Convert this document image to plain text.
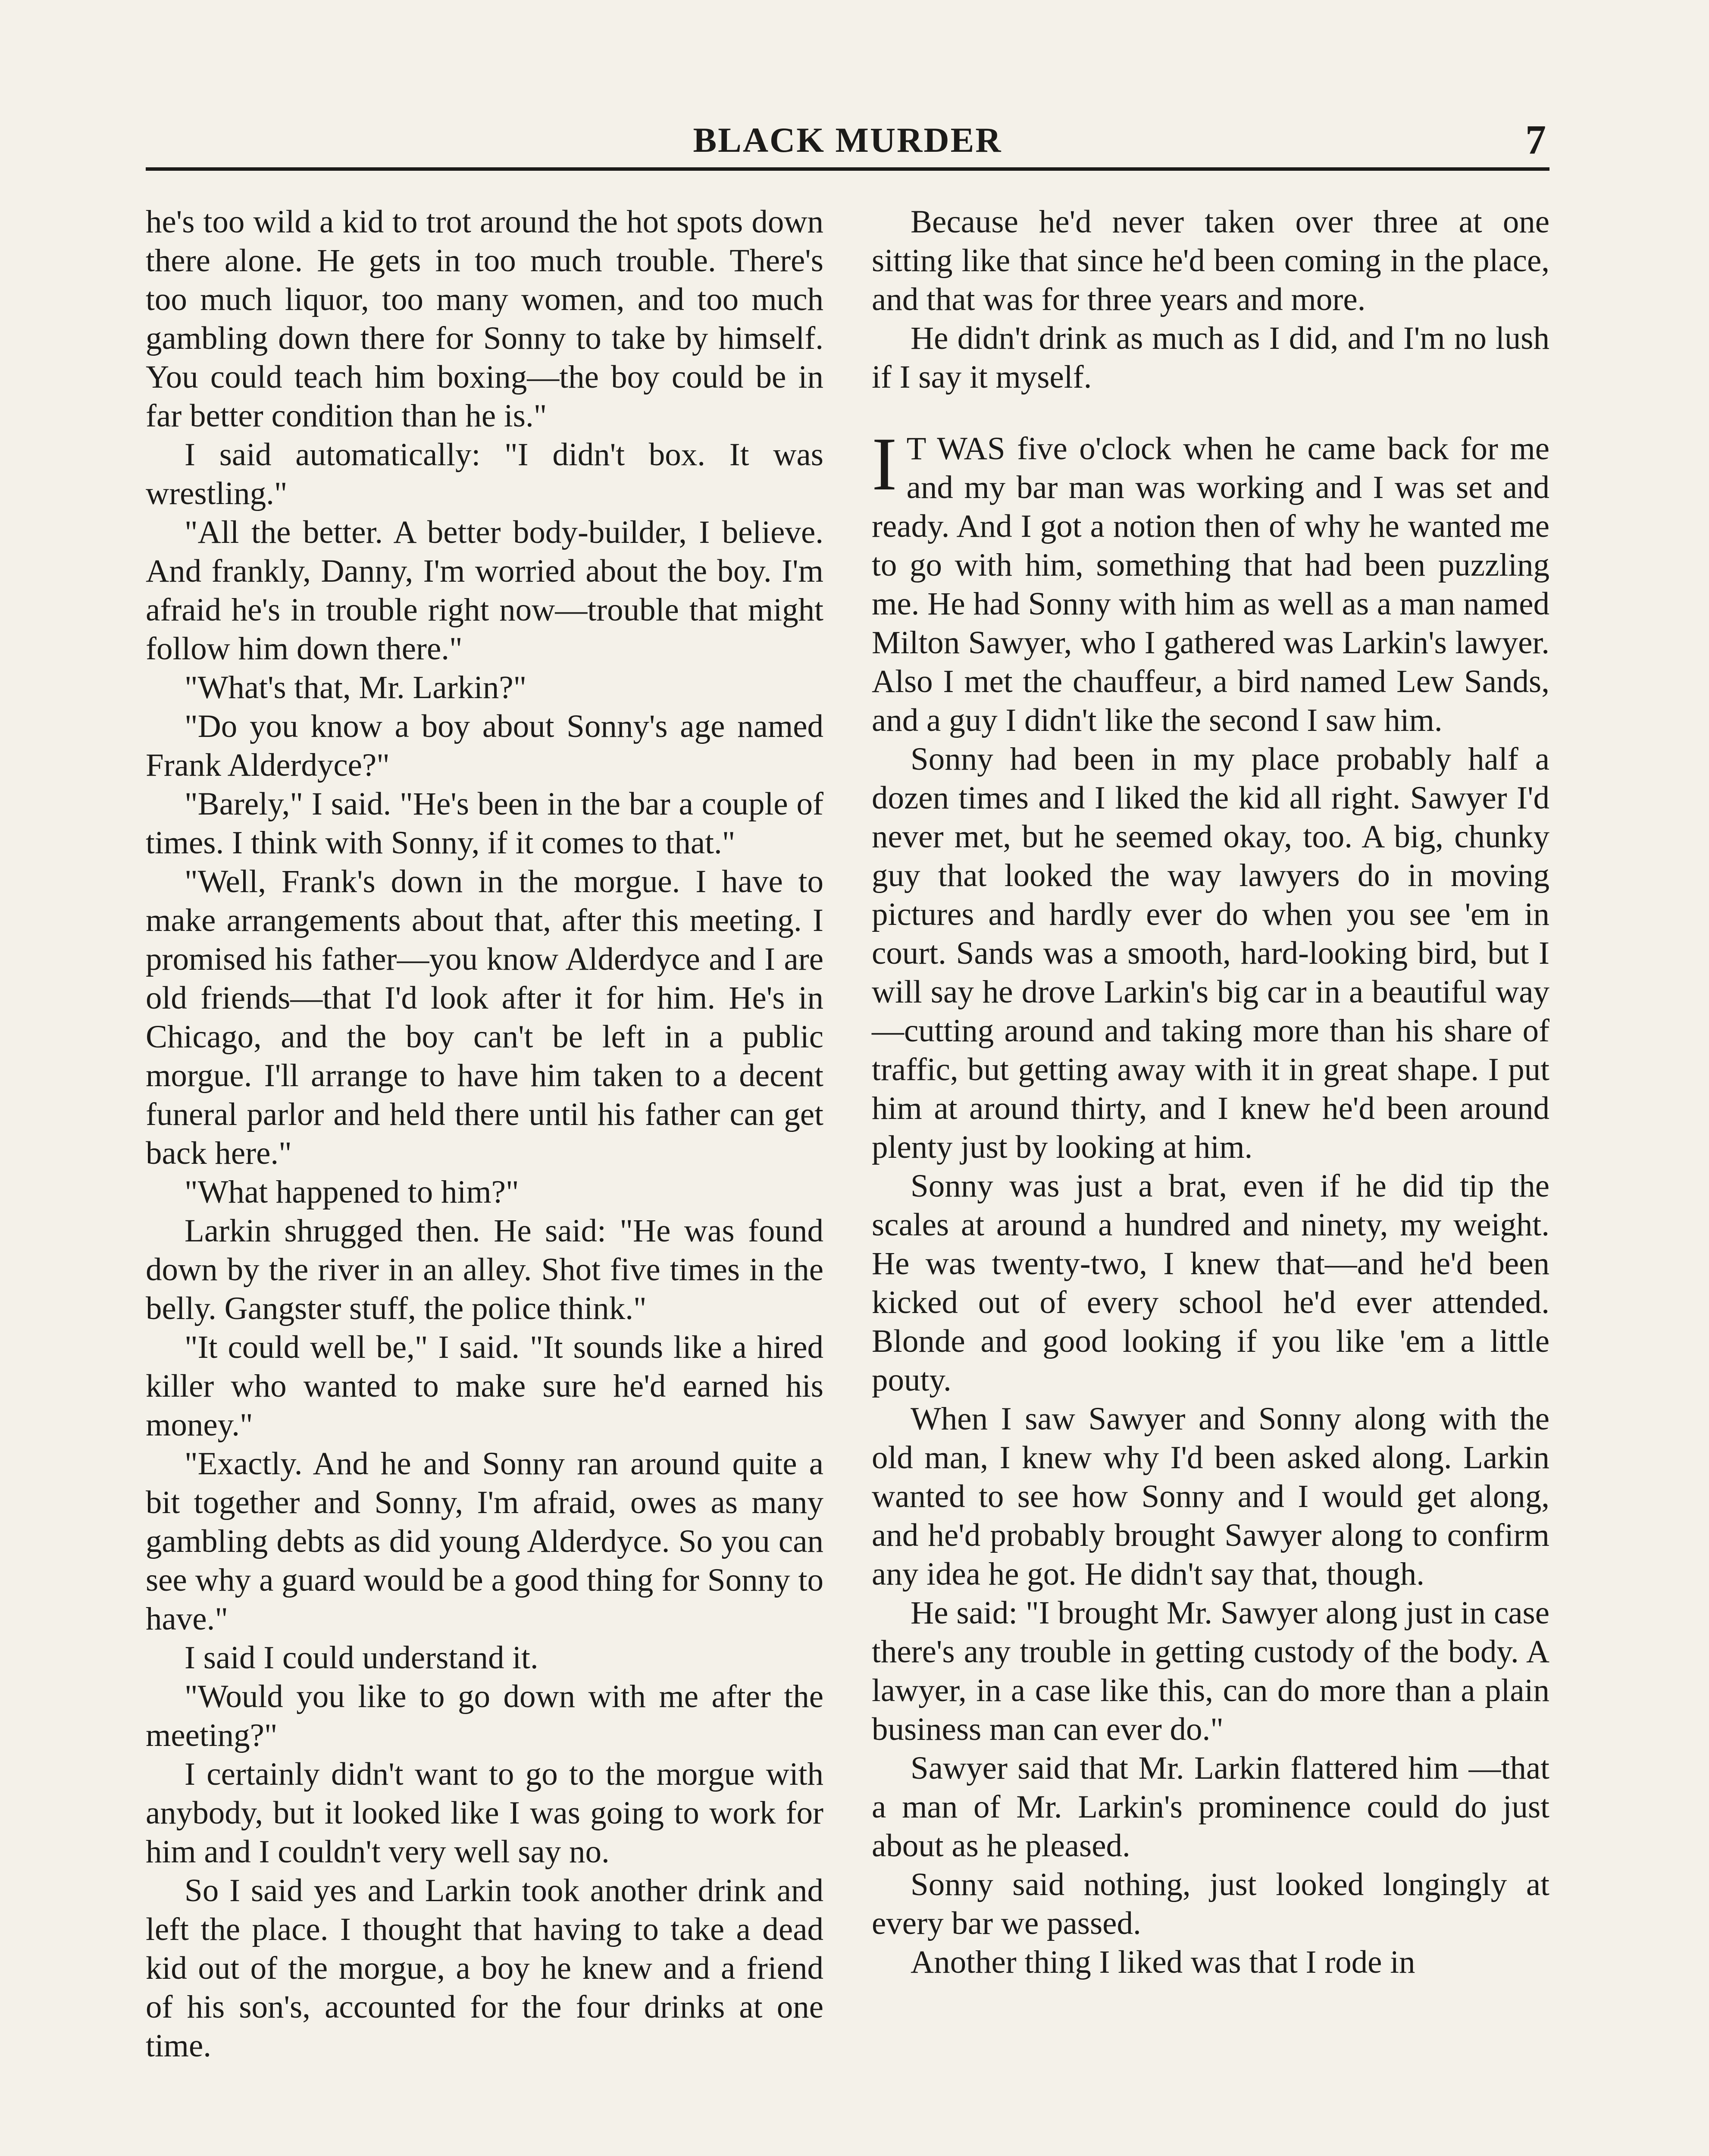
BLACK MURDER	7

he's too wild a kid to trot around the hot spots down there alone. He gets in too much trouble. There's too much liquor, too many women, and too much gambling down there for Sonny to take by himself. You could teach him boxing—the boy could be in far better condition than he is."

I said automatically: "I didn't box. It was wrestling."

"All the better. A better body-builder, I believe. And frankly, Danny, I'm worried about the boy. I'm afraid he's in trouble right now—trouble that might follow him down there."

"What's that, Mr. Larkin?"

"Do you know a boy about Sonny's age named Frank Alderdyce?"

"Barely," I said. "He's been in the bar a couple of times. I think with Sonny, if it comes to that."

"Well, Frank's down in the morgue. I have to make arrangements about that, after this meeting. I promised his father—you know Alderdyce and I are old friends—that I'd look after it for him. He's in Chicago, and the boy can't be left in a public morgue. I'll arrange to have him taken to a decent funeral parlor and held there until his father can get back here."

"What happened to him?"

Larkin shrugged then. He said: "He was found down by the river in an alley. Shot five times in the belly. Gangster stuff, the police think."

"It could well be," I said. "It sounds like a hired killer who wanted to make sure he'd earned his money."

"Exactly. And he and Sonny ran around quite a bit together and Sonny, I'm afraid, owes as many gambling debts as did young Alderdyce. So you can see why a guard would be a good thing for Sonny to have."

I said I could understand it.

"Would you like to go down with me after the meeting?"

I certainly didn't want to go to the morgue with anybody, but it looked like I was going to work for him and I couldn't very well say no.

So I said yes and Larkin took another drink and left the place. I thought that having to take a dead kid out of the morgue, a boy he knew and a friend of his son's, accounted for the four drinks at one time.

Because he'd never taken over three at one sitting like that since he'd been coming in the place, and that was for three years and more.

He didn't drink as much as I did, and I'm no lush if I say it myself.

I T WAS five o'clock when he came back for me and my bar man was working and I was set and ready. And I got a notion then of why he wanted me to go with him, something that had been puzzling me. He had Sonny with him as well as a man named Milton Sawyer, who I gathered was Larkin's lawyer. Also I met the chauffeur, a bird named Lew Sands, and a guy I didn't like the second I saw him.

Sonny had been in my place probably half a dozen times and I liked the kid all right. Sawyer I'd never met, but he seemed okay, too. A big, chunky guy that looked the way lawyers do in moving pictures and hardly ever do when you see 'em in court. Sands was a smooth, hard-looking bird, but I will say he drove Larkin's big car in a beautiful way—cutting around and taking more than his share of traffic, but getting away with it in great shape. I put him at around thirty, and I knew he'd been around plenty just by looking at him.

Sonny was just a brat, even if he did tip the scales at around a hundred and ninety, my weight. He was twenty-two, I knew that—and he'd been kicked out of every school he'd ever attended. Blonde and good looking if you like 'em a little pouty.

When I saw Sawyer and Sonny along with the old man, I knew why I'd been asked along. Larkin wanted to see how Sonny and I would get along, and he'd probably brought Sawyer along to confirm any idea he got. He didn't say that, though.

He said: "I brought Mr. Sawyer along just in case there's any trouble in getting custody of the body. A lawyer, in a case like this, can do more than a plain business man can ever do."

Sawyer said that Mr. Larkin flattered him —that a man of Mr. Larkin's prominence could do just about as he pleased.

Sonny said nothing, just looked longingly at every bar we passed.

Another thing I liked was that I rode in
